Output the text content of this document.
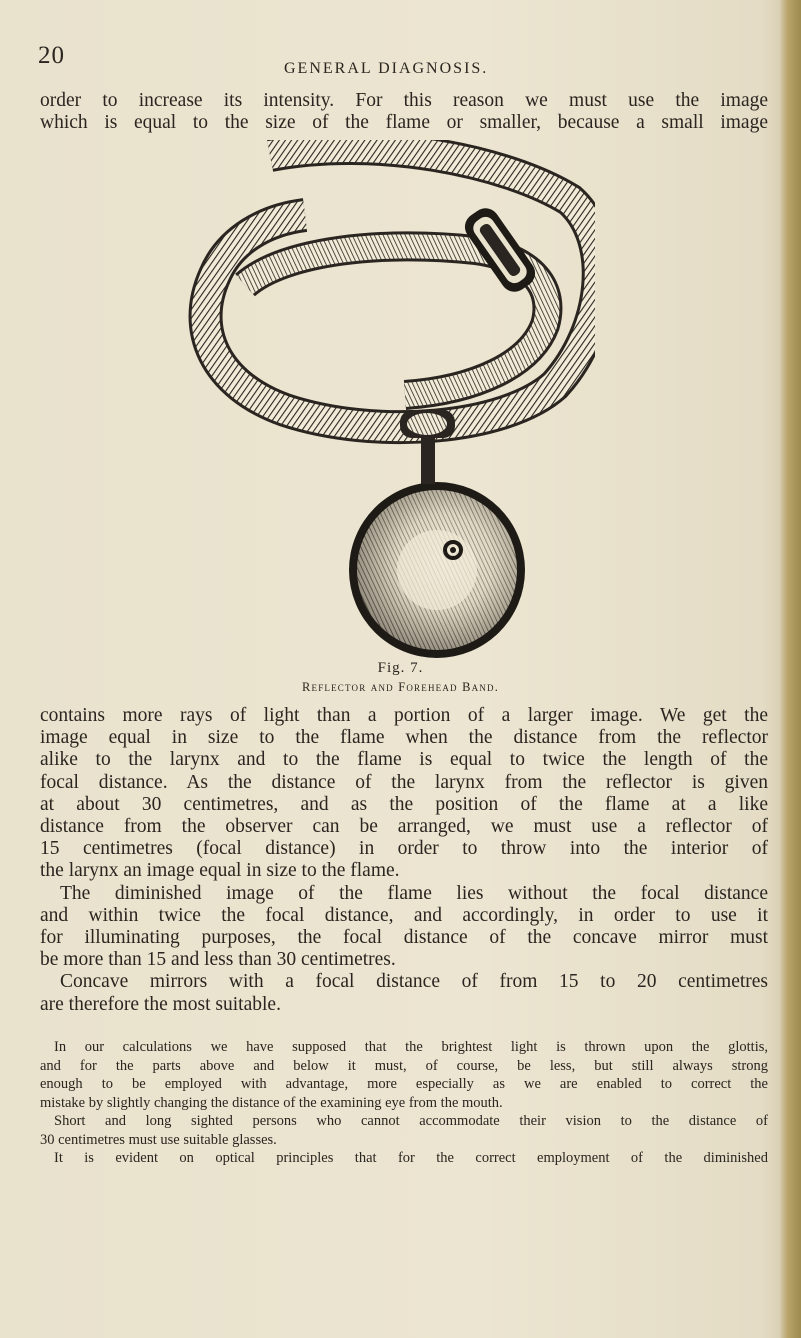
20	GENERAL DIAGNOSIS.
order to increase its intensity. For this reason we must use the image
which is equal to the size of the flame or smaller, because a small image
Fig. 7.
Reflector and Forehead Band.
contains more rays of light than a portion of a larger image. We get the
image equal in size to the flame when the distance from the reflector
alike to the larynx and to the flame is equal to twice the length of the
focal distance. As the distance of the larynx from the reflector is given
at about 30 centimetres, and as the position of the flame at a like
distance from the observer can be arranged, we must use a reflector of
15 centimetres (focal distance) in order to throw into the interior of
the larynx an image equal in size to the flame.
The diminished image of the flame lies without the focal distance
and within twice the focal distance, and accordingly, in order to use it
for illuminating purposes, the focal distance of the concave mirror must
be more than 15 and less than 30 centimetres.
Concave mirrors with a focal distance of from 15 to 20 centimetres
are therefore the most suitable.
In our calculations we have supposed that the brightest light is thrown upon the glottis,
and for the parts above and below it must, of course, be less, but still always strong
enough to be employed with advantage, more especially as we are enabled to correct the
mistake by slightly changing the distance of the examining eye from the mouth.
Short and long sighted persons who cannot accommodate their vision to the distance of
30 centimetres must use suitable glasses.
It is evident on optical principles that for the correct employment of the diminished
